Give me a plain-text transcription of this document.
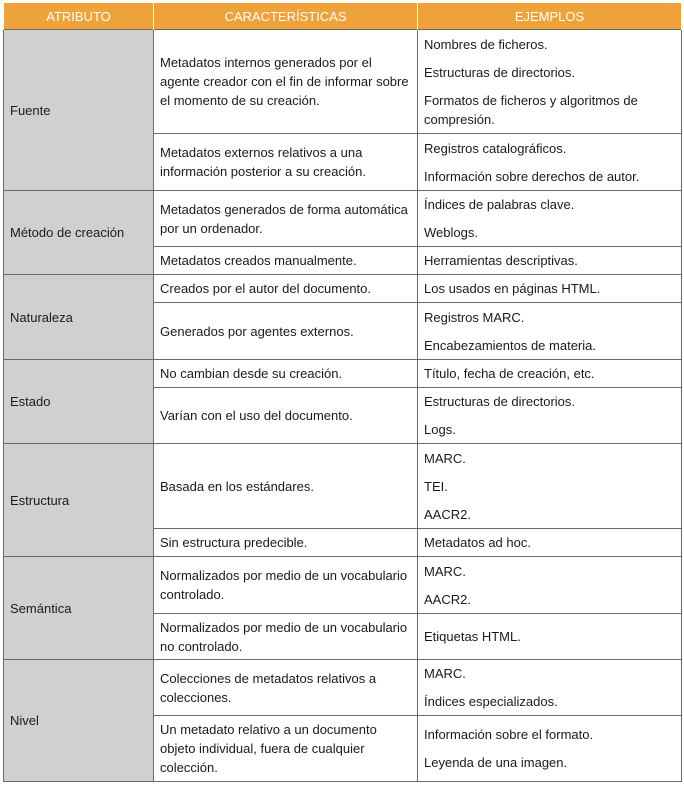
ATRIBUTO	CARACTERÍSTICAS	EJEMPLOS
Fuente	Metadatos internos generados por el agente creador con el fin de informar sobre el momento de su creación.	Nombres de ficheros.
Estructuras de directorios.
Formatos de ficheros y algoritmos de compresión.

	Metadatos externos relativos a una información posterior a su creación.	Registros catalográficos.
Información sobre derechos de autor.

Método de creación	Metadatos generados de forma automática por un ordenador.	Índices de palabras clave.
Weblogs.

	Metadatos creados manualmente.	Herramientas descriptivas.

Naturaleza	Creados por el autor del documento.	Los usados en páginas HTML.

	Generados por agentes externos.	Registros MARC.
Encabezamientos de materia.

Estado	No cambian desde su creación.	Título, fecha de creación, etc.

	Varían con el uso del documento.	Estructuras de directorios.
Logs.

Estructura	Basada en los estándares.	MARC.
TEI.
AACR2.

	Sin estructura predecible.	Metadatos ad hoc.

Semántica	Normalizados por medio de un vocabulario controlado.	MARC.
AACR2.

	Normalizados por medio de un vocabulario no controlado.	Etiquetas HTML.

Nivel	Colecciones de metadatos relativos a colecciones.	MARC.
Índices especializados.

	Un metadato relativo a un documento objeto individual, fuera de cualquier colección.	Información sobre el formato.
Leyenda de una imagen.
